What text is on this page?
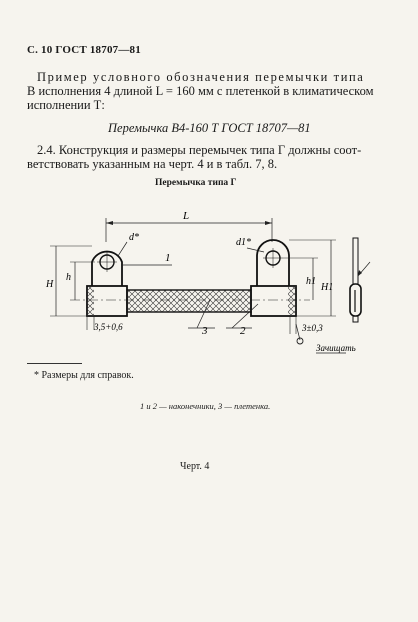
С. 10 ГОСТ 18707—81
Пример условного обозначения перемычки типа
В исполнения 4 длиной L = 160 мм с плетенкой в климатическом
исполнении Т:
Перемычка В4-160 Т ГОСТ 18707—81
2.4. Конструкция и размеры перемычек типа Г должны соот-
ветствовать указанным на черт. 4 и в табл. 7, 8.
Перемычка типа Г
L
d*	d1*
1
3	2
H
h	h1
H1
3,5+0,6	3±0,3
Зачищать
* Размеры для справок.
1 и 2 — наконечники, 3 — плетенка.
Черт. 4
